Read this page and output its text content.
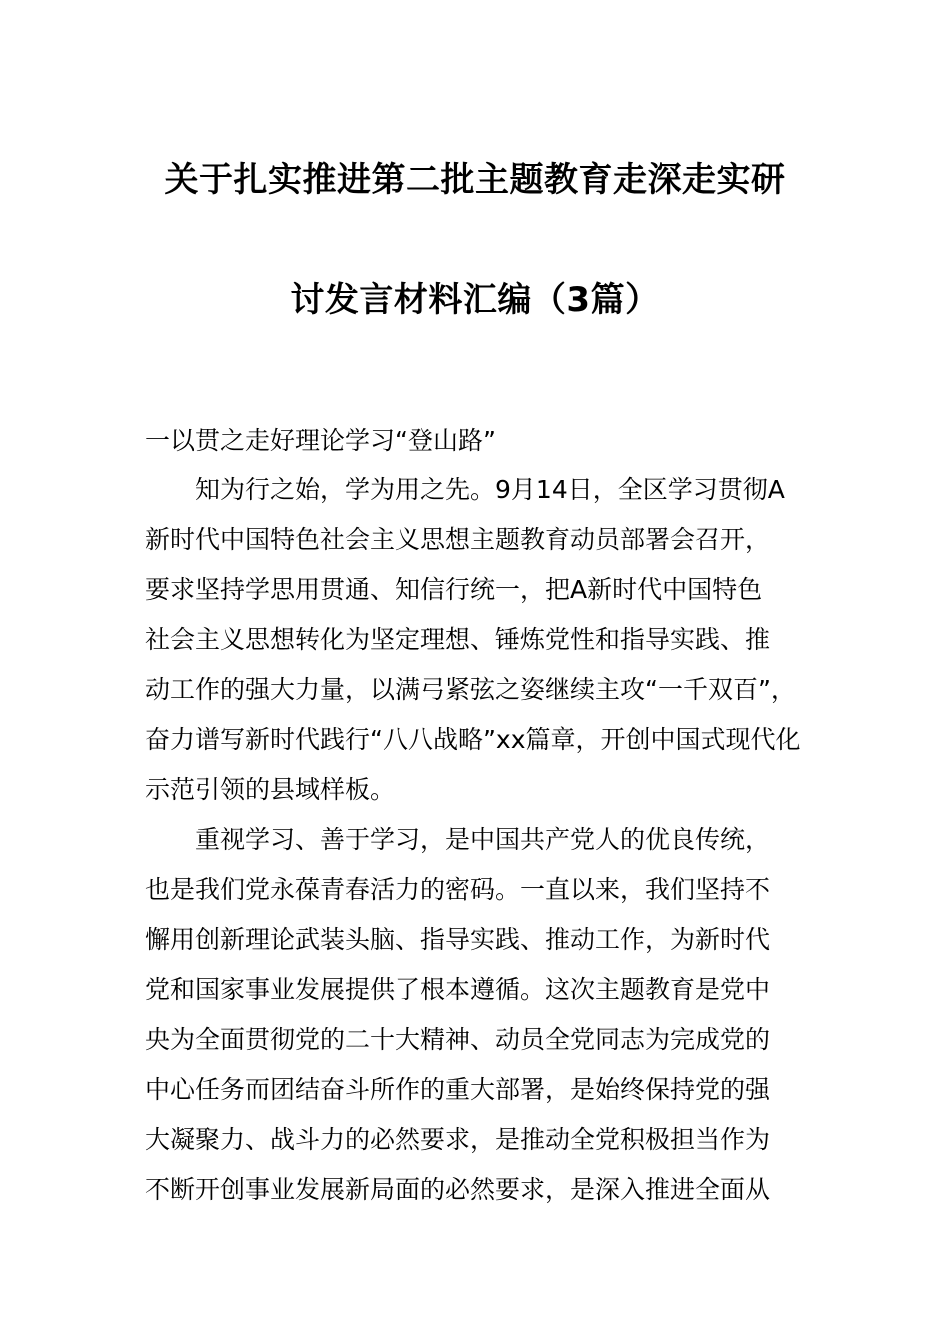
关于扎实推进第二批主题教育走深走实研
讨发言材料汇编（3篇）
一以贯之走好理论学习“登山路”
知为行之始，学为用之先。9月14日，全区学习贯彻A
新时代中国特色社会主义思想主题教育动员部署会召开，
要求坚持学思用贯通、知信行统一，把A新时代中国特色
社会主义思想转化为坚定理想、锤炼党性和指导实践、推
动工作的强大力量，以满弓紧弦之姿继续主攻“一千双百”，
奋力谱写新时代践行“八八战略”xx篇章，开创中国式现代化
示范引领的县域样板。
重视学习、善于学习，是中国共产党人的优良传统，
也是我们党永葆青春活力的密码。一直以来，我们坚持不
懈用创新理论武装头脑、指导实践、推动工作，为新时代
党和国家事业发展提供了根本遵循。这次主题教育是党中
央为全面贯彻党的二十大精神、动员全党同志为完成党的
中心任务而团结奋斗所作的重大部署，是始终保持党的强
大凝聚力、战斗力的必然要求，是推动全党积极担当作为
不断开创事业发展新局面的必然要求，是深入推进全面从
